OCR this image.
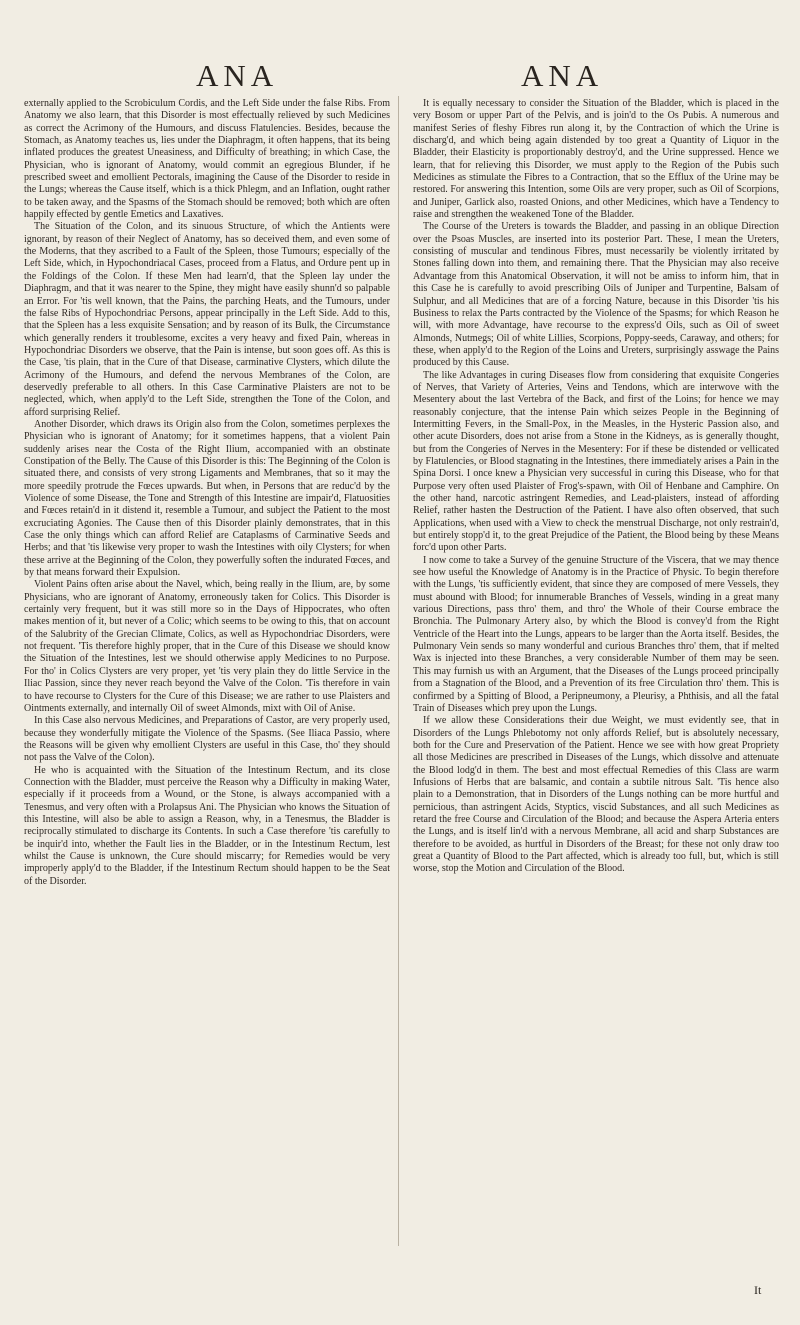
ANA	ANA

externally applied to the Scrobiculum Cordis, and the Left Side under the false Ribs. From Anatomy we also learn, that this Disorder is most effectually relieved by such Medicines as correct the Acrimony of the Humours, and discuss Flatulencies. Besides, because the Stomach, as Anatomy teaches us, lies under the Diaphragm, it often happens, that its being inflated produces the greatest Uneasiness, and Difficulty of breathing; in which Case, the Physician, who is ignorant of Anatomy, would commit an egregious Blunder, if he prescribed sweet and emollient Pectorals, imagining the Cause of the Disorder to reside in the Lungs; whereas the Cause itself, which is a thick Phlegm, and an Inflation, ought rather to be taken away, and the Spasms of the Stomach should be removed; both which are often happily effected by gentle Emetics and Laxatives.

The Situation of the Colon, and its sinuous Structure, of which the Antients were ignorant, by reason of their Neglect of Anatomy, has so deceived them, and even some of the Moderns, that they ascribed to a Fault of the Spleen, those Tumours; especially of the Left Side, which, in Hypochondriacal Cases, proceed from a Flatus, and Ordure pent up in the Foldings of the Colon. If these Men had learn'd, that the Spleen lay under the Diaphragm, and that it was nearer to the Spine, they might have easily shunn'd so palpable an Error. For 'tis well known, that the Pains, the parching Heats, and the Tumours, under the false Ribs of Hypochondriac Persons, appear principally in the Left Side. Add to this, that the Spleen has a less exquisite Sensation; and by reason of its Bulk, the Circumstance which generally renders it troublesome, excites a very heavy and fixed Pain, whereas in Hypochondriac Disorders we observe, that the Pain is intense, but soon goes off. As this is the Case, 'tis plain, that in the Cure of that Disease, carminative Clysters, which dilute the Acrimony of the Humours, and defend the nervous Membranes of the Colon, are deservedly preferable to all others. In this Case Carminative Plaisters are not to be neglected, which, when apply'd to the Left Side, strengthen the Tone of the Colon, and afford surprising Relief.

Another Disorder, which draws its Origin also from the Colon, sometimes perplexes the Physician who is ignorant of Anatomy; for it sometimes happens, that a violent Pain suddenly arises near the Costa of the Right Ilium, accompanied with an obstinate Constipation of the Belly. The Cause of this Disorder is this: The Beginning of the Colon is situated there, and consists of very strong Ligaments and Membranes, that so it may the more speedily protrude the Fœces upwards. But when, in Persons that are reduc'd by the Violence of some Disease, the Tone and Strength of this Intestine are impair'd, Flatuosities and Fœces retain'd in it distend it, resemble a Tumour, and subject the Patient to the most excruciating Agonies. The Cause then of this Disorder plainly demonstrates, that in this Case the only things which can afford Relief are Cataplasms of Carminative Seeds and Herbs; and that 'tis likewise very proper to wash the Intestines with oily Clysters; for when these arrive at the Beginning of the Colon, they powerfully soften the indurated Fœces, and by that means forward their Expulsion.

Violent Pains often arise about the Navel, which, being really in the Ilium, are, by some Physicians, who are ignorant of Anatomy, erroneously taken for Colics. This Disorder is certainly very frequent, but it was still more so in the Days of Hippocrates, who often makes mention of it, but never of a Colic; which seems to be owing to this, that on account of the Salubrity of the Grecian Climate, Colics, as well as Hypochondriac Disorders, were not frequent. 'Tis therefore highly proper, that in the Cure of this Disease we should know the Situation of the Intestines, lest we should otherwise apply Medicines to no Purpose. For tho' in Colics Clysters are very proper, yet 'tis very plain they do little Service in the Iliac Passion, since they never reach beyond the Valve of the Colon. 'Tis therefore in vain to have recourse to Clysters for the Cure of this Disease; we are rather to use Plaisters and Ointments externally, and internally Oil of sweet Almonds, mixt with Oil of Anise.

In this Case also nervous Medicines, and Preparations of Castor, are very properly used, because they wonderfully mitigate the Violence of the Spasms. (See Iliaca Passio, where the Reasons will be given why emollient Clysters are useful in this Case, tho' they should not pass the Valve of the Colon).

He who is acquainted with the Situation of the Intestinum Rectum, and its close Connection with the Bladder, must perceive the Reason why a Difficulty in making Water, especially if it proceeds from a Wound, or the Stone, is always accompanied with a Tenesmus, and very often with a Prolapsus Ani. The Physician who knows the Situation of this Intestine, will also be able to assign a Reason, why, in a Tenesmus, the Bladder is reciprocally stimulated to discharge its Contents. In such a Case therefore 'tis carefully to be inquir'd into, whether the Fault lies in the Bladder, or in the Intestinum Rectum, lest whilst the Cause is unknown, the Cure should miscarry; for Remedies would be very improperly apply'd to the Bladder, if the Intestinum Rectum should happen to be the Seat of the Disorder.

It is equally necessary to consider the Situation of the Bladder, which is placed in the very Bosom or upper Part of the Pelvis, and is join'd to the Os Pubis. A numerous and manifest Series of fleshy Fibres run along it, by the Contraction of which the Urine is discharg'd, and which being again distended by too great a Quantity of Liquor in the Bladder, their Elasticity is proportionably destroy'd, and the Urine suppressed. Hence we learn, that for relieving this Disorder, we must apply to the Region of the Pubis such Medicines as stimulate the Fibres to a Contraction, that so the Efflux of the Urine may be restored. For answering this Intention, some Oils are very proper, such as Oil of Scorpions, and Juniper, Garlick also, roasted Onions, and other Medicines, which have a Tendency to raise and strengthen the weakened Tone of the Bladder.

The Course of the Ureters is towards the Bladder, and passing in an oblique Direction over the Psoas Muscles, are inserted into its posterior Part. These, I mean the Ureters, consisting of muscular and tendinous Fibres, must necessarily be violently irritated by Stones falling down into them, and remaining there. That the Physician may also receive Advantage from this Anatomical Observation, it will not be amiss to inform him, that in this Case he is carefully to avoid prescribing Oils of Juniper and Turpentine, Balsam of Sulphur, and all Medicines that are of a forcing Nature, because in this Disorder 'tis his Business to relax the Parts contracted by the Violence of the Spasms; for which Reason he will, with more Advantage, have recourse to the express'd Oils, such as Oil of sweet Almonds, Nutmegs; Oil of white Lillies, Scorpions, Poppy-seeds, Caraway, and others; for these, when apply'd to the Region of the Loins and Ureters, surprisingly asswage the Pains produced by this Cause.

The like Advantages in curing Diseases flow from considering that exquisite Congeries of Nerves, that Variety of Arteries, Veins and Tendons, which are interwove with the Mesentery about the last Vertebra of the Back, and first of the Loins; for hence we may reasonably conjecture, that the intense Pain which seizes People in the Beginning of Intermitting Fevers, in the Small-Pox, in the Measles, in the Hysteric Passion also, and other acute Disorders, does not arise from a Stone in the Kidneys, as is generally thought, but from the Congeries of Nerves in the Mesentery: For if these be distended or vellicated by Flatulencies, or Blood stagnating in the Intestines, there immediately arises a Pain in the Spina Dorsi. I once knew a Physician very successful in curing this Disease, who for that Purpose very often used Plaister of Frog's-spawn, with Oil of Henbane and Camphire. On the other hand, narcotic astringent Remedies, and Lead-plaisters, instead of affording Relief, rather hasten the Destruction of the Patient. I have also often observed, that such Applications, when used with a View to check the menstrual Discharge, not only restrain'd, but entirely stopp'd it, to the great Prejudice of the Patient, the Blood being by these Means forc'd upon other Parts.

I now come to take a Survey of the genuine Structure of the Viscera, that we may thence see how useful the Knowledge of Anatomy is in the Practice of Physic. To begin therefore with the Lungs, 'tis sufficiently evident, that since they are composed of mere Vessels, they must abound with Blood; for innumerable Branches of Vessels, winding in a great many various Directions, pass thro' them, and thro' the Whole of their Course embrace the Bronchia. The Pulmonary Artery also, by which the Blood is convey'd from the Right Ventricle of the Heart into the Lungs, appears to be larger than the Aorta itself. Besides, the Pulmonary Vein sends so many wonderful and curious Branches thro' them, that if melted Wax is injected into these Branches, a very considerable Number of them may be seen. This may furnish us with an Argument, that the Diseases of the Lungs proceed principally from a Stagnation of the Blood, and a Prevention of its free Circulation thro' them. This is confirmed by a Spitting of Blood, a Peripneumony, a Pleurisy, a Phthisis, and all the fatal Train of Diseases which prey upon the Lungs.

If we allow these Considerations their due Weight, we must evidently see, that in Disorders of the Lungs Phlebotomy not only affords Relief, but is absolutely necessary, both for the Cure and Preservation of the Patient. Hence we see with how great Propriety all those Medicines are prescribed in Diseases of the Lungs, which dissolve and attenuate the Blood lodg'd in them. The best and most effectual Remedies of this Class are warm Infusions of Herbs that are balsamic, and contain a subtile nitrous Salt. 'Tis hence also plain to a Demonstration, that in Disorders of the Lungs nothing can be more hurtful and pernicious, than astringent Acids, Styptics, viscid Substances, and all such Medicines as retard the free Course and Circulation of the Blood; and because the Aspera Arteria enters the Lungs, and is itself lin'd with a nervous Membrane, all acid and sharp Substances are therefore to be avoided, as hurtful in Disorders of the Breast; for these not only draw too great a Quantity of Blood to the Part affected, which is already too full, but, which is still worse, stop the Motion and Circulation of the Blood.

It
